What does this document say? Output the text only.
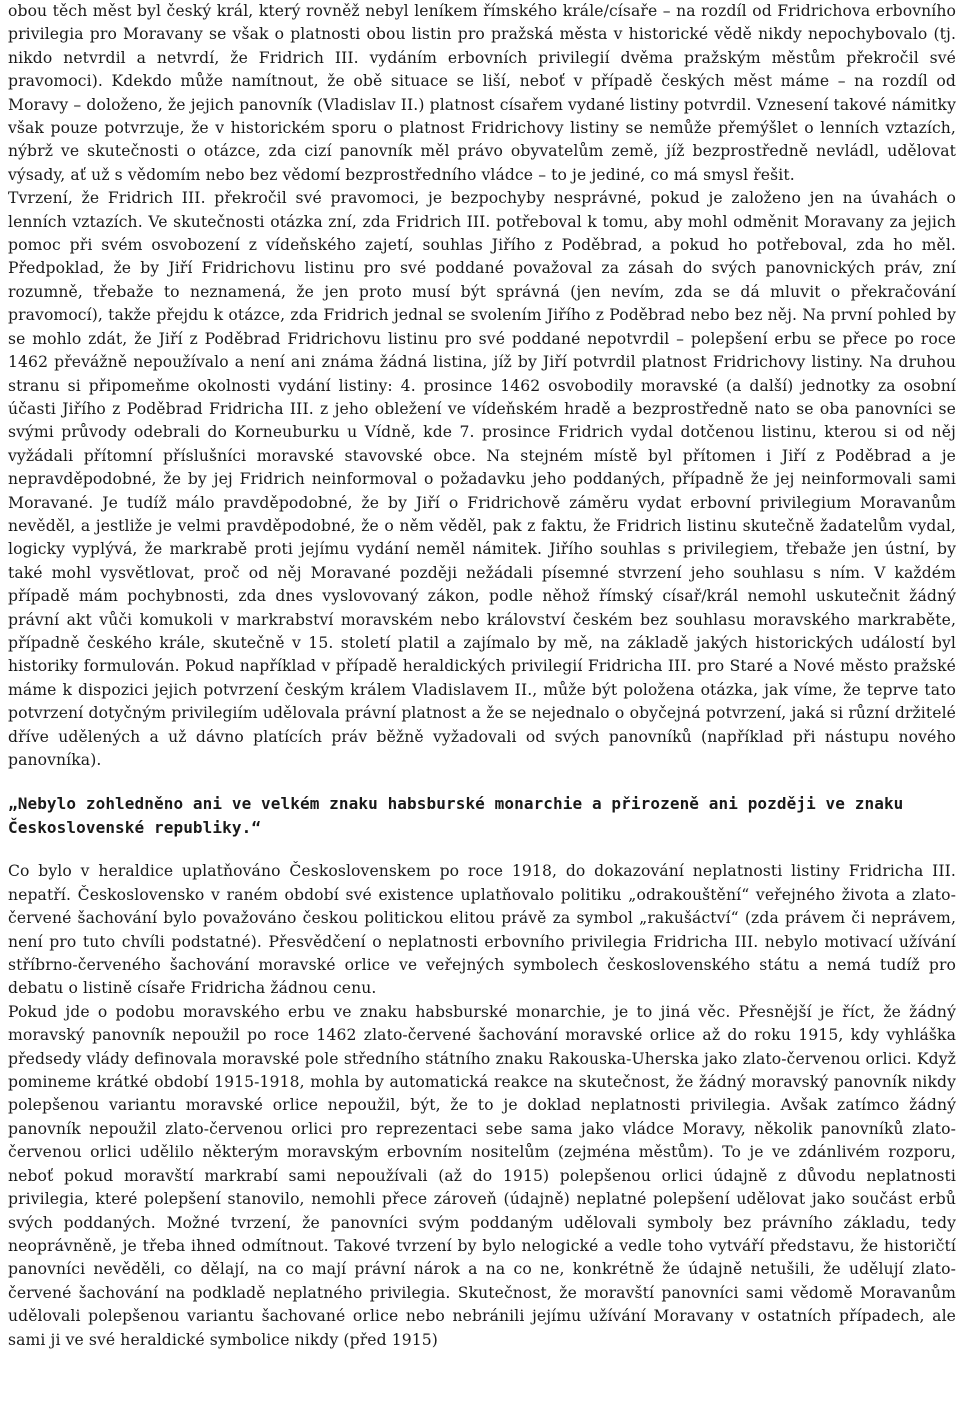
obou těch měst byl český král, který rovněž nebyl leníkem římského krále/císaře – na rozdíl od Fridrichova erbovního privilegia pro Moravany se však o platnosti obou listin pro pražská města v historické vědě nikdy nepochybovalo (tj. nikdo netvrdil a netvrdí, že Fridrich III. vydáním erbovních privilegií dvěma pražským městům překročil své pravomoci). Kdekdo může namítnout, že obě situace se liší, neboť v případě českých měst máme – na rozdíl od Moravy – doloženo, že jejich panovník (Vladislav II.) platnost císařem vydané listiny potvrdil. Vznesení takové námitky však pouze potvrzuje, že v historickém sporu o platnost Fridrichovy listiny se nemůže přemýšlet o lenních vztazích, nýbrž ve skutečnosti o otázce, zda cizí panovník měl právo obyvatelům země, jíž bezprostředně nevládl, udělovat výsady, ať už s vědomím nebo bez vědomí bezprostředního vládce – to je jediné, co má smysl řešit.

Tvrzení, že Fridrich III. překročil své pravomoci, je bezpochyby nesprávné, pokud je založeno jen na úvahách o lenních vztazích. Ve skutečnosti otázka zní, zda Fridrich III. potřeboval k tomu, aby mohl odměnit Moravany za jejich pomoc při svém osvobození z vídeňského zajetí, souhlas Jiřího z Poděbrad, a pokud ho potřeboval, zda ho měl. Předpoklad, že by Jiří Fridrichovu listinu pro své poddané považoval za zásah do svých panovnických práv, zní rozumně, třebaže to neznamená, že jen proto musí být správná (jen nevím, zda se dá mluvit o překračování pravomocí), takže přejdu k otázce, zda Fridrich jednal se svolením Jiřího z Poděbrad nebo bez něj. Na první pohled by se mohlo zdát, že Jiří z Poděbrad Fridrichovu listinu pro své poddané nepotvrdil – polepšení erbu se přece po roce 1462 převážně nepoužívalo a není ani známa žádná listina, jíž by Jiří potvrdil platnost Fridrichovy listiny. Na druhou stranu si připomeňme okolnosti vydání listiny: 4. prosince 1462 osvobodily moravské (a další) jednotky za osobní účasti Jiřího z Poděbrad Fridricha III. z jeho obležení ve vídeňském hradě a bezprostředně nato se oba panovníci se svými průvody odebrali do Korneuburku u Vídně, kde 7. prosince Fridrich vydal dotčenou listinu, kterou si od něj vyžádali přítomní příslušníci moravské stavovské obce. Na stejném místě byl přítomen i Jiří z Poděbrad a je nepravděpodobné, že by jej Fridrich neinformoval o požadavku jeho poddaných, případně že jej neinformovali sami Moravané. Je tudíž málo pravděpodobné, že by Jiří o Fridrichově záměru vydat erbovní privilegium Moravanům nevěděl, a jestliže je velmi pravděpodobné, že o něm věděl, pak z faktu, že Fridrich listinu skutečně žadatelům vydal, logicky vyplývá, že markrabě proti jejímu vydání neměl námitek. Jiřího souhlas s privilegiem, třebaže jen ústní, by také mohl vysvětlovat, proč od něj Moravané později nežádali písemné stvrzení jeho souhlasu s ním. V každém případě mám pochybnosti, zda dnes vyslovovaný zákon, podle něhož římský císař/král nemohl uskutečnit žádný právní akt vůči komukoli v markrabství moravském nebo království českém bez souhlasu moravského markraběte, případně českého krále, skutečně v 15. století platil a zajímalo by mě, na základě jakých historických událostí byl historiky formulován. Pokud například v případě heraldických privilegií Fridricha III. pro Staré a Nové město pražské máme k dispozici jejich potvrzení českým králem Vladislavem II., může být položena otázka, jak víme, že teprve tato potvrzení dotyčným privilegiím udělovala právní platnost a že se nejednalo o obyčejná potvrzení, jaká si různí držitelé dříve udělených a už dávno platících práv běžně vyžadovali od svých panovníků (například při nástupu nového panovníka).

„Nebylo zohledněno ani ve velkém znaku habsburské monarchie a přirozeně ani později ve znaku Československé republiky.“

Co bylo v heraldice uplatňováno Československem po roce 1918, do dokazování neplatnosti listiny Fridricha III. nepatří. Československo v raném období své existence uplatňovalo politiku „odrakouštění“ veřejného života a zlato-červené šachování bylo považováno českou politickou elitou právě za symbol „rakušáctví“ (zda právem či neprávem, není pro tuto chvíli podstatné). Přesvědčení o neplatnosti erbovního privilegia Fridricha III. nebylo motivací užívání stříbrno-červeného šachování moravské orlice ve veřejných symbolech československého státu a nemá tudíž pro debatu o listině císaře Fridricha žádnou cenu.

Pokud jde o podobu moravského erbu ve znaku habsburské monarchie, je to jiná věc. Přesnější je říct, že žádný moravský panovník nepoužil po roce 1462 zlato-červené šachování moravské orlice až do roku 1915, kdy vyhláška předsedy vlády definovala moravské pole středního státního znaku Rakouska-Uherska jako zlato-červenou orlici. Když pomineme krátké období 1915-1918, mohla by automatická reakce na skutečnost, že žádný moravský panovník nikdy polepšenou variantu moravské orlice nepoužil, být, že to je doklad neplatnosti privilegia. Avšak zatímco žádný panovník nepoužil zlato-červenou orlici pro reprezentaci sebe sama jako vládce Moravy, několik panovníků zlato-červenou orlici udělilo některým moravským erbovním nositelům (zejména městům). To je ve zdánlivém rozporu, neboť pokud moravští markrabí sami nepoužívali (až do 1915) polepšenou orlici údajně z důvodu neplatnosti privilegia, které polepšení stanovilo, nemohli přece zároveň (údajně) neplatné polepšení udělovat jako součást erbů svých poddaných. Možné tvrzení, že panovníci svým poddaným udělovali symboly bez právního základu, tedy neoprávněně, je třeba ihned odmítnout. Takové tvrzení by bylo nelogické a vedle toho vytváří představu, že historičtí panovníci nevěděli, co dělají, na co mají právní nárok a na co ne, konkrétně že údajně netušili, že udělují zlato-červené šachování na podkladě neplatného privilegia. Skutečnost, že moravští panovníci sami vědomě Moravanům udělovali polepšenou variantu šachované orlice nebo nebránili jejímu užívání Moravany v ostatních případech, ale sami ji ve své heraldické symbolice nikdy (před 1915)
